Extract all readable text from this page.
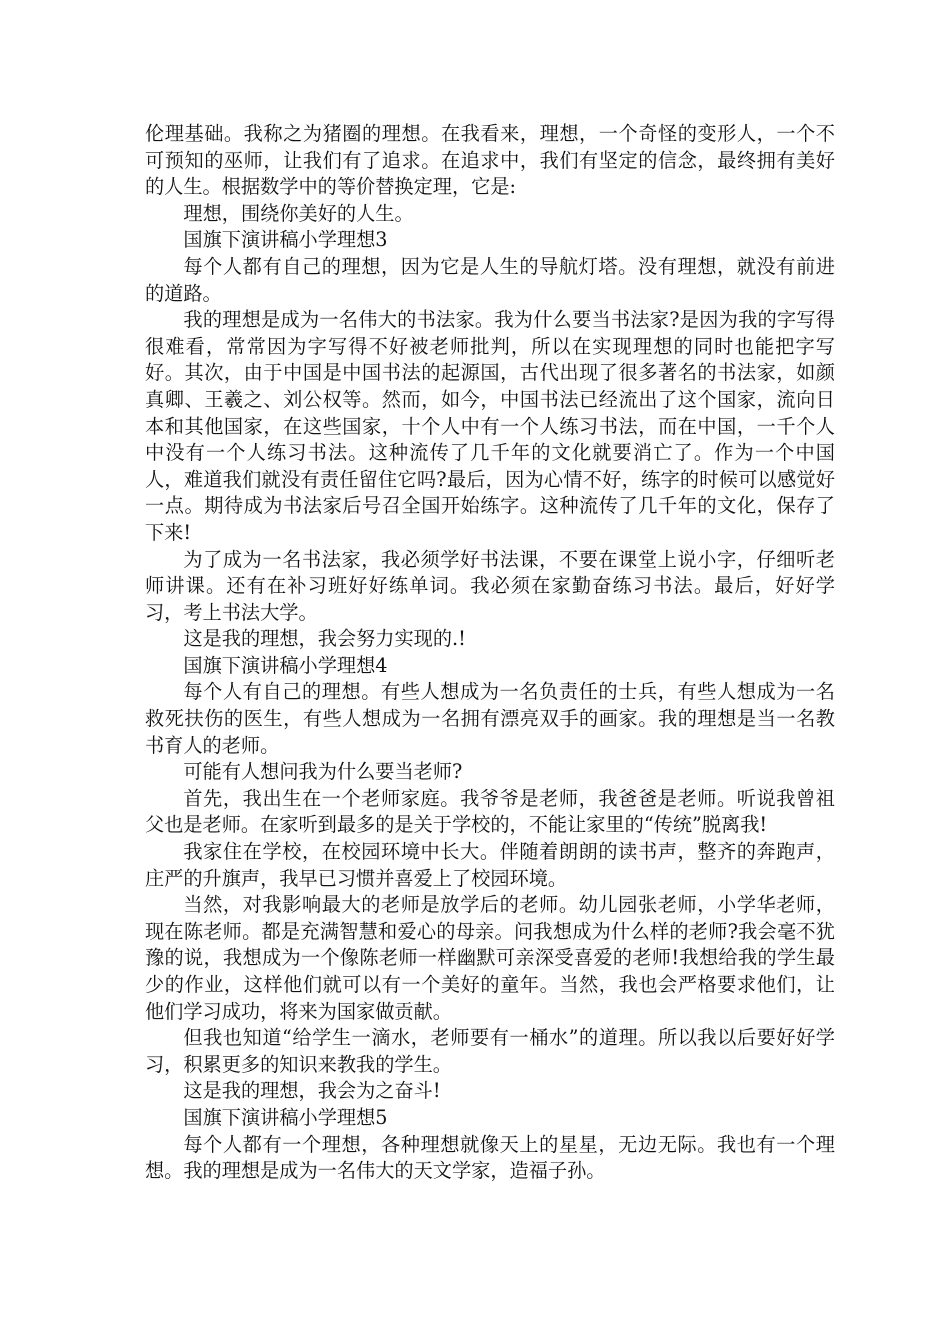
伦理基础。我称之为猪圈的理想。在我看来，理想，一个奇怪的变形人，一个不可预知的巫师，让我们有了追求。在追求中，我们有坚定的信念，最终拥有美好的人生。根据数学中的等价替换定理，它是:

理想，围绕你美好的人生。

国旗下演讲稿小学理想3

每个人都有自己的理想，因为它是人生的导航灯塔。没有理想，就没有前进的道路。

我的理想是成为一名伟大的书法家。我为什么要当书法家?是因为我的字写得很难看，常常因为字写得不好被老师批判，所以在实现理想的同时也能把字写好。其次，由于中国是中国书法的起源国，古代出现了很多著名的书法家，如颜真卿、王羲之、刘公权等。然而，如今，中国书法已经流出了这个国家，流向日本和其他国家，在这些国家，十个人中有一个人练习书法，而在中国，一千个人中没有一个人练习书法。这种流传了几千年的文化就要消亡了。作为一个中国人，难道我们就没有责任留住它吗?最后，因为心情不好，练字的时候可以感觉好一点。期待成为书法家后号召全国开始练字。这种流传了几千年的文化，保存了下来!

为了成为一名书法家，我必须学好书法课，不要在课堂上说小字，仔细听老师讲课。还有在补习班好好练单词。我必须在家勤奋练习书法。最后，好好学习，考上书法大学。

这是我的理想，我会努力实现的.!

国旗下演讲稿小学理想4

每个人有自己的理想。有些人想成为一名负责任的士兵，有些人想成为一名救死扶伤的医生，有些人想成为一名拥有漂亮双手的画家。我的理想是当一名教书育人的老师。

可能有人想问我为什么要当老师?

首先，我出生在一个老师家庭。我爷爷是老师，我爸爸是老师。听说我曾祖父也是老师。在家听到最多的是关于学校的，不能让家里的“传统”脱离我!

我家住在学校，在校园环境中长大。伴随着朗朗的读书声，整齐的奔跑声，庄严的升旗声，我早已习惯并喜爱上了校园环境。

当然，对我影响最大的老师是放学后的老师。幼儿园张老师，小学华老师，现在陈老师。都是充满智慧和爱心的母亲。问我想成为什么样的老师?我会毫不犹豫的说，我想成为一个像陈老师一样幽默可亲深受喜爱的老师!我想给我的学生最少的作业，这样他们就可以有一个美好的童年。当然，我也会严格要求他们，让他们学习成功，将来为国家做贡献。

但我也知道“给学生一滴水，老师要有一桶水”的道理。所以我以后要好好学习，积累更多的知识来教我的学生。

这是我的理想，我会为之奋斗!

国旗下演讲稿小学理想5

每个人都有一个理想，各种理想就像天上的星星，无边无际。我也有一个理想。我的理想是成为一名伟大的天文学家，造福子孙。
